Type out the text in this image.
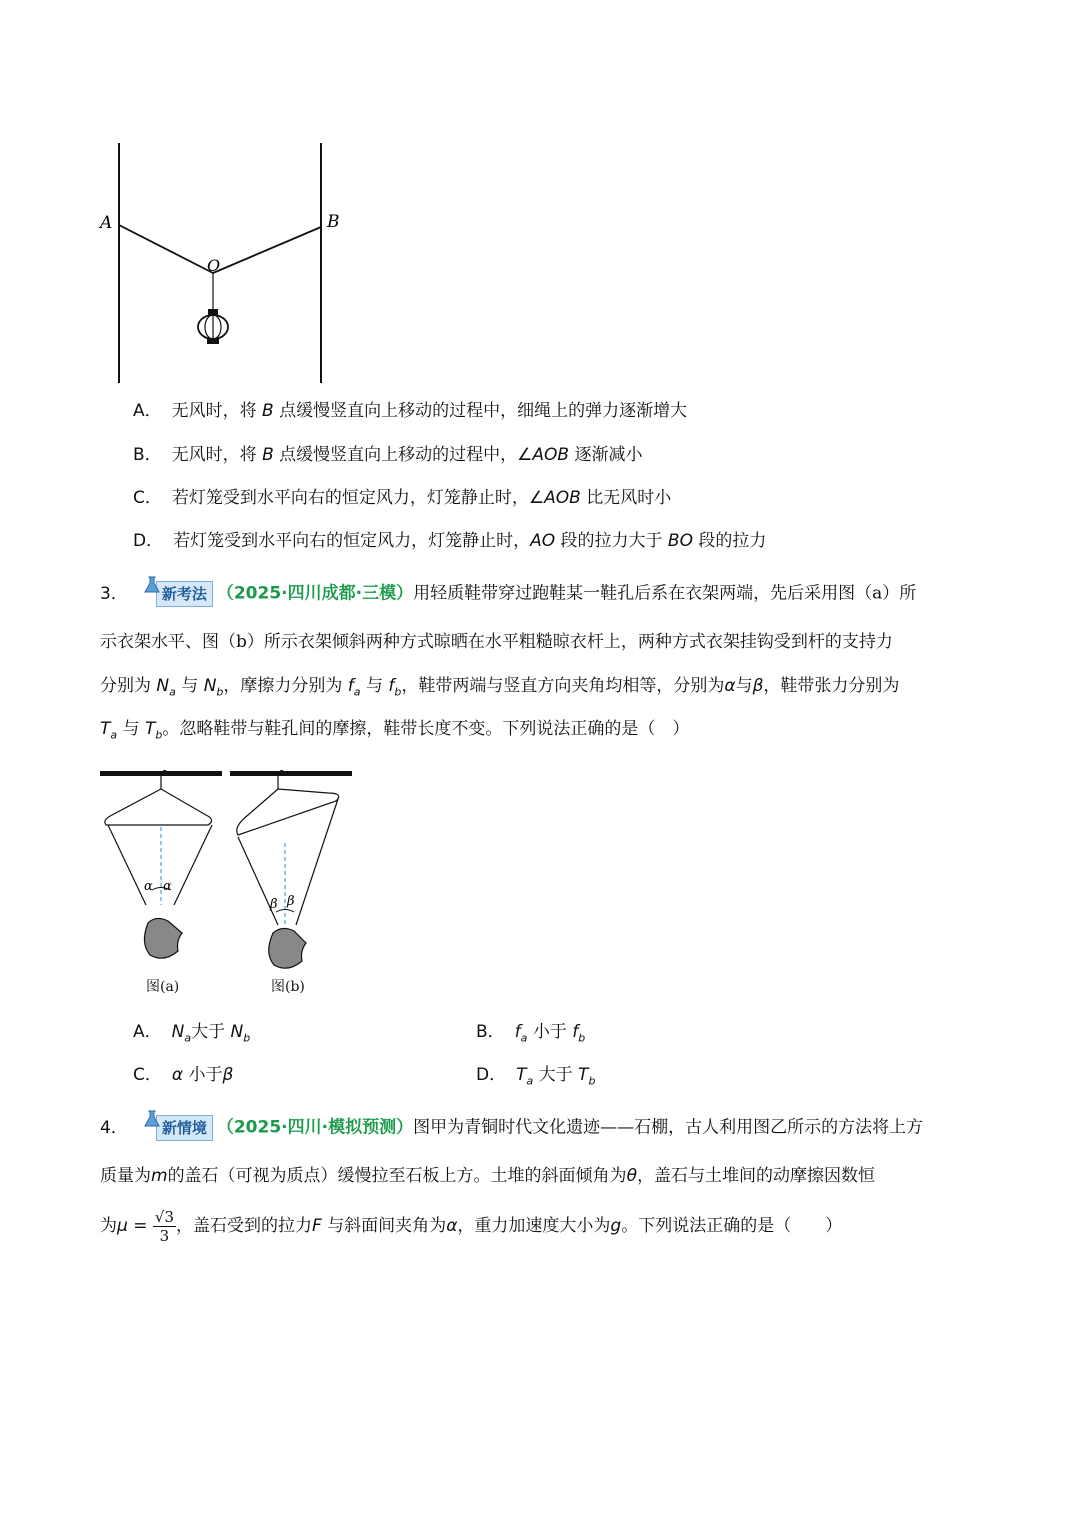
A	B
O
A． 无风时，将 B 点缓慢竖直向上移动的过程中，细绳上的弹力逐渐增大
B． 无风时，将 B 点缓慢竖直向上移动的过程中，∠AOB 逐渐减小
C． 若灯笼受到水平向右的恒定风力，灯笼静止时，∠AOB 比无风时小
D． 若灯笼受到水平向右的恒定风力，灯笼静止时，AO 段的拉力大于 BO 段的拉力
3． 新考法 （2025·四川成都·三模）用轻质鞋带穿过跑鞋某一鞋孔后系在衣架两端，先后采用图（a）所
示衣架水平、图（b）所示衣架倾斜两种方式晾晒在水平粗糙晾衣杆上，两种方式衣架挂钩受到杆的支持力
分别为 $N_a$ 与 $N_b$，摩擦力分别为 $f_a$ 与 $f_b$，鞋带两端与竖直方向夹角均相等，分别为α与β，鞋带张力分别为
$T_a$ 与 $T_b$。忽略鞋带与鞋孔间的摩擦，鞋带长度不变。下列说法正确的是（　）
α α
β β
图(a)	图(b)
A． $N_a$大于 $N_b$	B． $f_a$ 小于 $f_b$
C． α 小于β	D． $T_a$ 大于 $T_b$
4． 新情境 （2025·四川·模拟预测）图甲为青铜时代文化遗迹——石棚，古人利用图乙所示的方法将上方
质量为m的盖石（可视为质点）缓慢拉至石板上方。土堆的斜面倾角为θ，盖石与土堆间的动摩擦因数恒
为$\mu = \frac{√3}{3}$ ，盖石受到的拉力F 与斜面间夹角为α，重力加速度大小为g。下列说法正确的是（　　）
